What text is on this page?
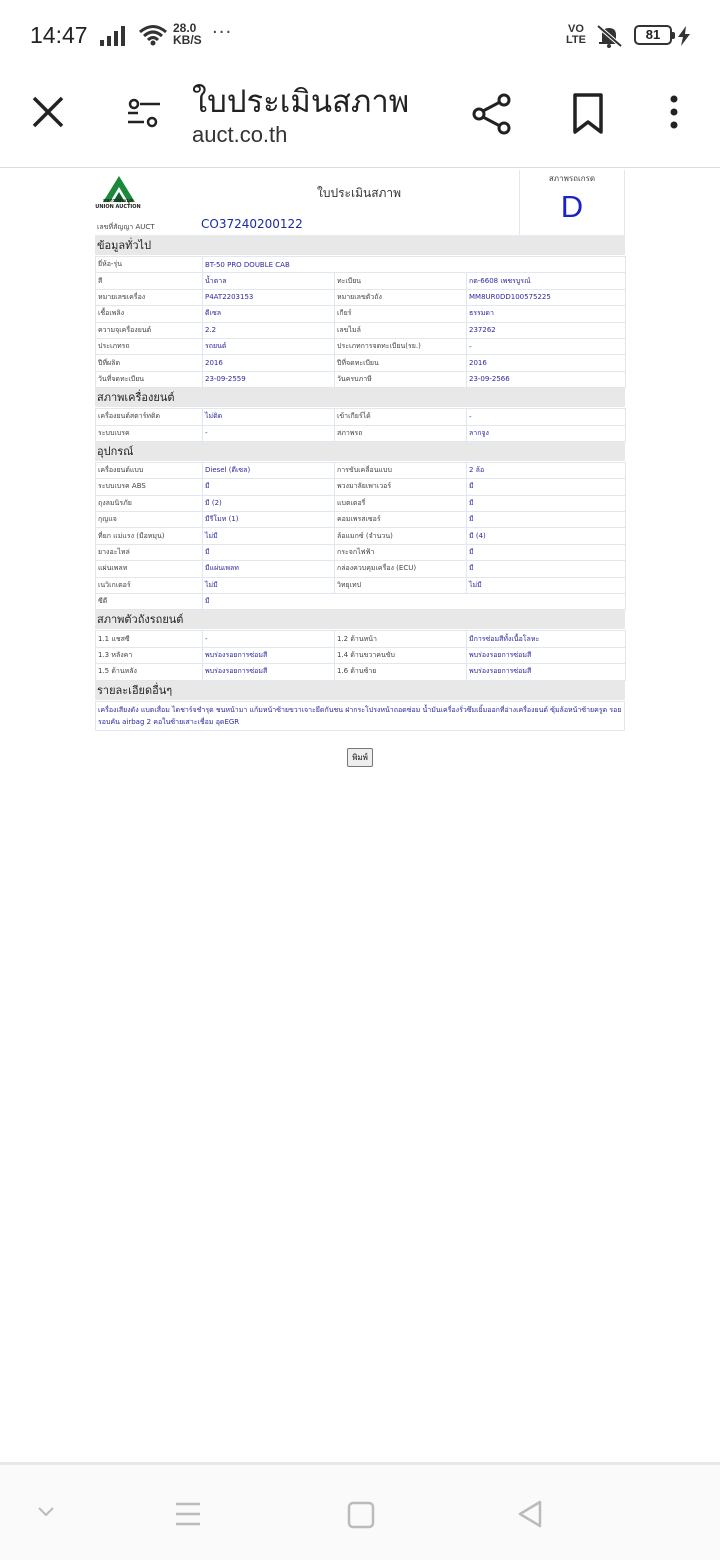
14:47	28.0
KB/S ···	VO
LTE	81
ใบประเมินสภาพ
auct.co.th
สหการประมูล
UNION AUCTION
ใบประเมินสภาพ
สภาพรถเกรด
D
เลขที่สัญญา AUCT	CO37240200122
ข้อมูลทั่วไป
ยี่ห้อ-รุ่น	BT-50 PRO DOUBLE CAB		
สี	น้ำตาล	ทะเบียน	กต-6608 เพชรบูรณ์
หมายเลขเครื่อง	P4AT2203153	หมายเลขตัวถัง	MM8UR0DD100575225
เชื้อเพลิง	ดีเซล	เกียร์	ธรรมดา
ความจุเครื่องยนต์	2.2	เลขไมล์	237262
ประเภทรถ	รถยนต์	ประเภทการจดทะเบียน(รย.)	-
ปีที่ผลิต	2016	ปีที่จดทะเบียน	2016
วันที่จดทะเบียน	23-09-2559	วันครบภาษี	23-09-2566
สภาพเครื่องยนต์
เครื่องยนต์สตาร์ทติด	ไม่ติด	เข้าเกียร์ได้	-
ระบบเบรค	-	สภาพรถ	ลากจูง
อุปกรณ์
เครื่องยนต์แบบ	Diesel (ดีเซล)	การขับเคลื่อนแบบ	2 ล้อ
ระบบเบรค ABS	มี	พวงมาลัยเพาเวอร์	มี
ถุงลมนิรภัย	มี (2)	แบตเตอรี่	มี
กุญแจ	มีรีโมท (1)	คอมเพรสเซอร์	มี
ที่ยก แม่แรง (มือหมุน)	ไม่มี	ล้อแมกซ์ (จำนวน)	มี (4)
ยางอะไหล่	มี	กระจกไฟฟ้า	มี
แผ่นเพลท	มีแผ่นเพลท	กล่องควบคุมเครื่อง (ECU)	มี
เนวิเกเตอร์	ไม่มี	วิทยุเทป	ไม่มี
ซีดี	มี		
สภาพตัวถังรถยนต์
1.1 แชสซี	-	1.2 ด้านหน้า	มีการซ่อมสีทั้งเนื้อโลหะ
1.3 หลังคา	พบร่องรอยการซ่อมสี	1.4 ด้านขวาคนขับ	พบร่องรอยการซ่อมสี
1.5 ด้านหลัง	พบร่องรอยการซ่อมสี	1.6 ด้านซ้าย	พบร่องรอยการซ่อมสี
รายละเอียดอื่นๆ
เครื่องเสียงดัง แบตเสื่อม ไดชาร์จชำรุด ชนหน้ามา แก้มหน้าซ้ายขวาเจาะยึดกันชน ฝากระโปรงหน้าถอดซ่อม น้ำมันเครื่องรั่วซึมเยิ้มออกที่อ่างเครื่องยนต์ ซุ้มล้อหน้าซ้ายครูด รอยรอบคัน airbag 2 คอในซ้ายเสาะเชื่อม อุดEGR
พิมพ์
